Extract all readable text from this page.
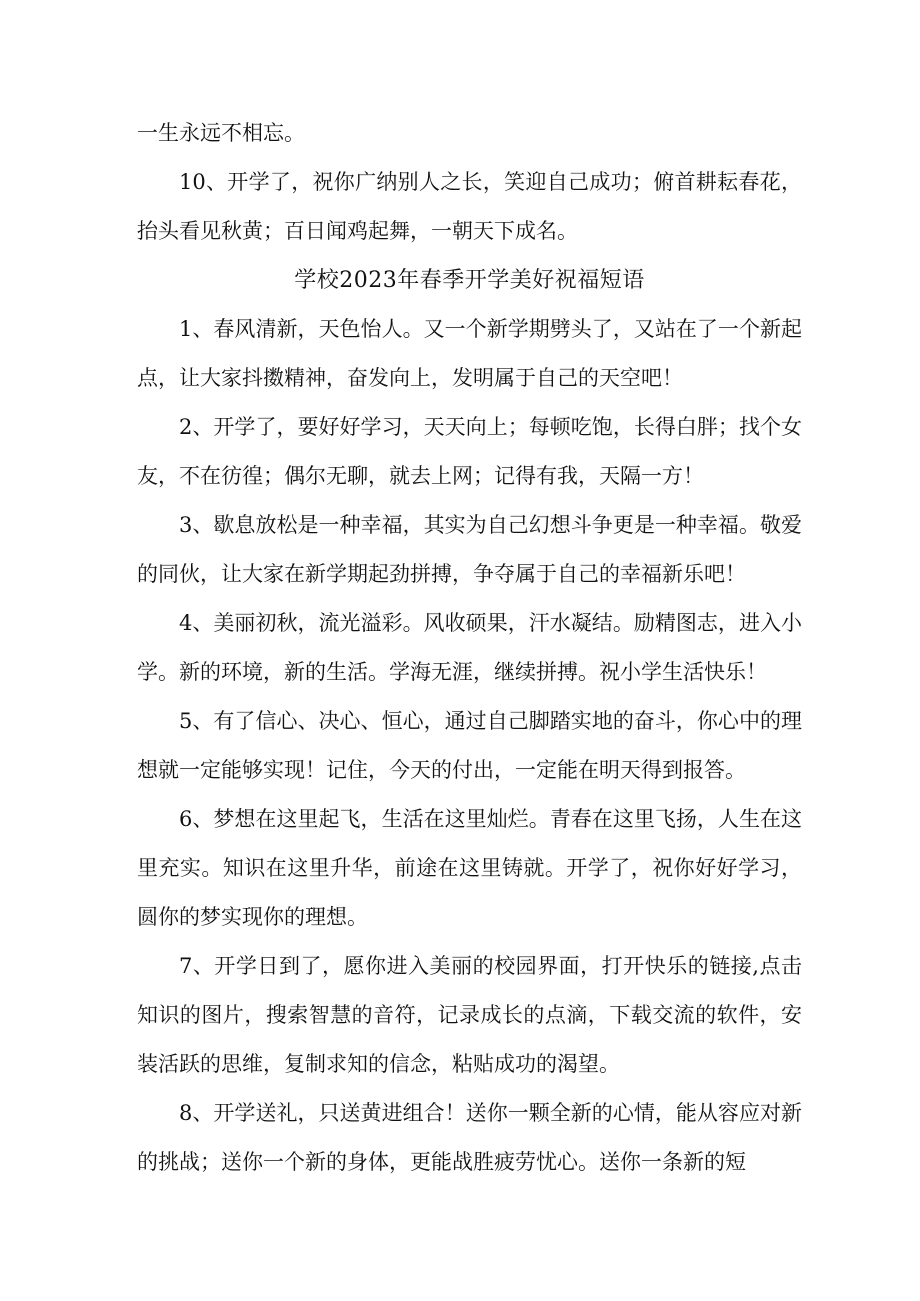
一生永远不相忘。

10、开学了，祝你广纳别人之长，笑迎自己成功；俯首耕耘春花，抬头看见秋黄；百日闻鸡起舞，一朝天下成名。

学校2023年春季开学美好祝福短语

1、春风清新，天色怡人。又一个新学期劈头了，又站在了一个新起点，让大家抖擞精神，奋发向上，发明属于自己的天空吧！

2、开学了，要好好学习，天天向上；每顿吃饱，长得白胖；找个女友，不在彷徨；偶尔无聊，就去上网；记得有我，天隔一方！

3、歇息放松是一种幸福，其实为自己幻想斗争更是一种幸福。敬爱的同伙，让大家在新学期起劲拼搏，争夺属于自己的幸福新乐吧！

4、美丽初秋，流光溢彩。风收硕果，汗水凝结。励精图志，进入小学。新的环境，新的生活。学海无涯，继续拼搏。祝小学生活快乐！

5、有了信心、决心、恒心，通过自己脚踏实地的奋斗，你心中的理想就一定能够实现！记住，今天的付出，一定能在明天得到报答。

6、梦想在这里起飞，生活在这里灿烂。青春在这里飞扬，人生在这里充实。知识在这里升华，前途在这里铸就。开学了，祝你好好学习，圆你的梦实现你的理想。

7、开学日到了，愿你进入美丽的校园界面，打开快乐的链接,点击知识的图片，搜索智慧的音符，记录成长的点滴，下载交流的软件，安装活跃的思维，复制求知的信念，粘贴成功的渴望。

8、开学送礼，只送黄进组合！送你一颗全新的心情，能从容应对新的挑战；送你一个新的身体，更能战胜疲劳忧心。送你一条新的短
